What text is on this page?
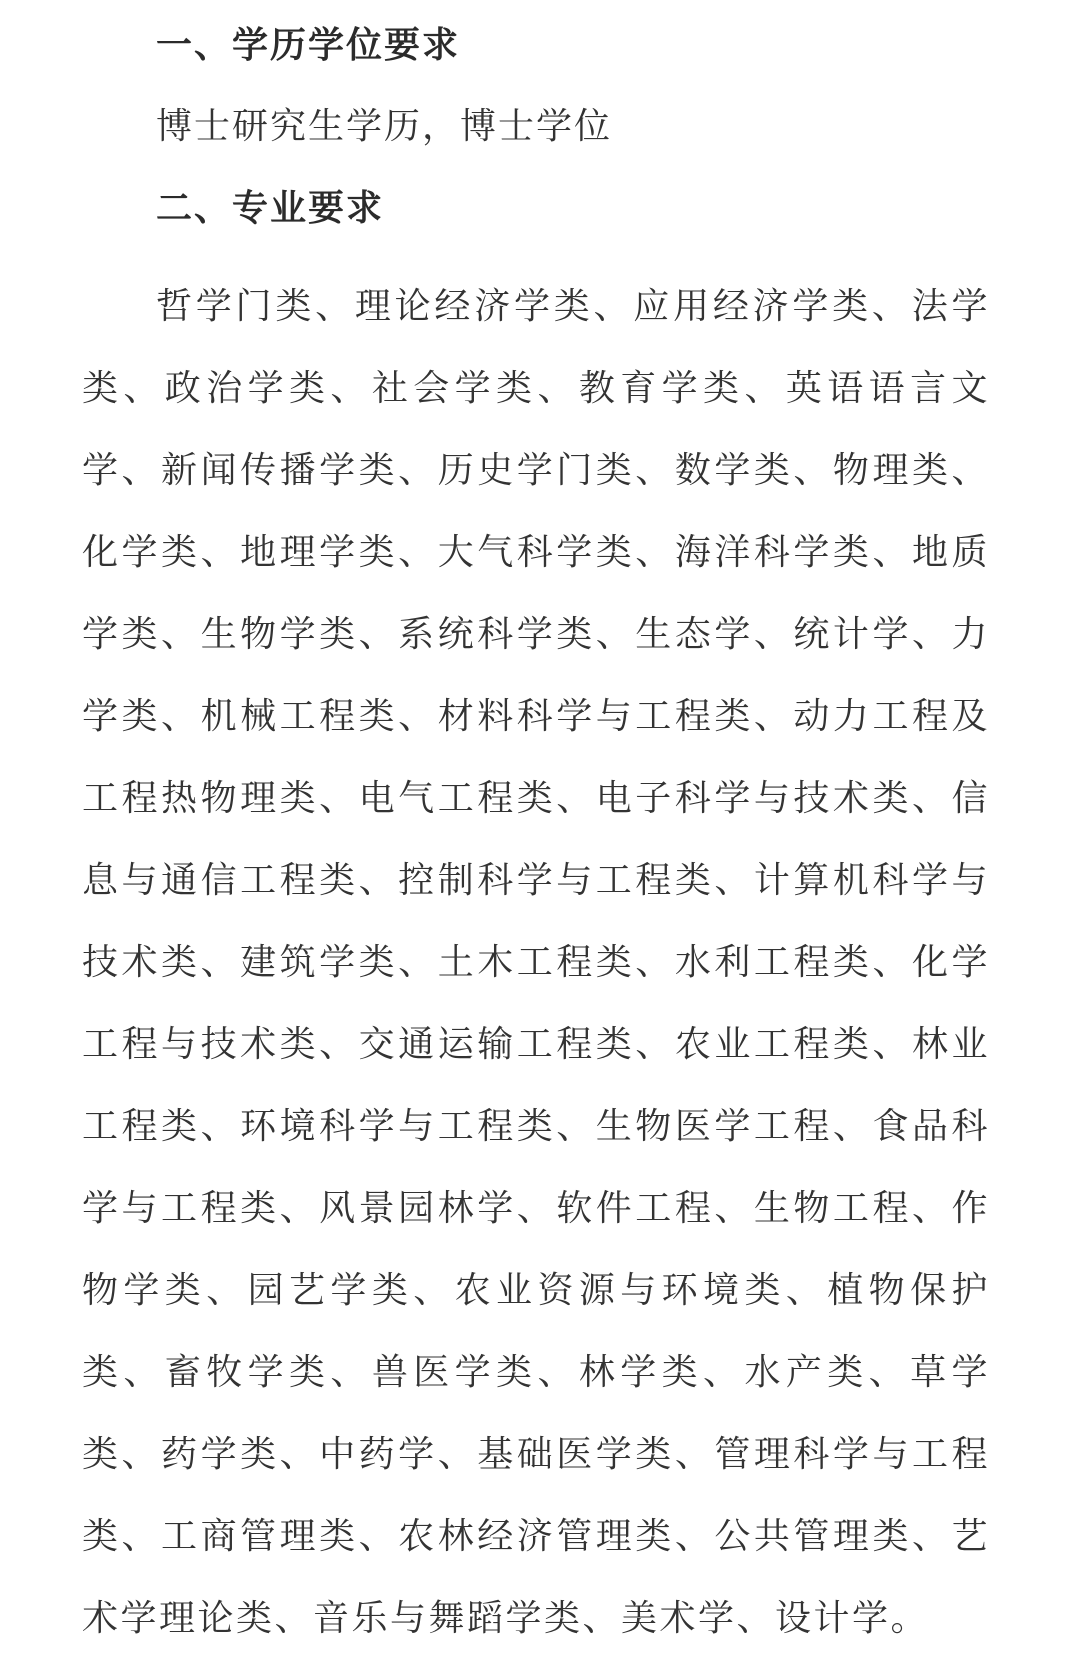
一、学历学位要求
博士研究生学历，博士学位
二、专业要求

哲学门类、理论经济学类、应用经济学类、法学类、政治学类、社会学类、教育学类、英语语言文学、新闻传播学类、历史学门类、数学类、物理类、化学类、地理学类、大气科学类、海洋科学类、地质学类、生物学类、系统科学类、生态学、统计学、力学类、机械工程类、材料科学与工程类、动力工程及工程热物理类、电气工程类、电子科学与技术类、信息与通信工程类、控制科学与工程类、计算机科学与技术类、建筑学类、土木工程类、水利工程类、化学工程与技术类、交通运输工程类、农业工程类、林业工程类、环境科学与工程类、生物医学工程、食品科学与工程类、风景园林学、软件工程、生物工程、作物学类、园艺学类、农业资源与环境类、植物保护类、畜牧学类、兽医学类、林学类、水产类、草学类、药学类、中药学、基础医学类、管理科学与工程类、工商管理类、农林经济管理类、公共管理类、艺术学理论类、音乐与舞蹈学类、美术学、设计学。
